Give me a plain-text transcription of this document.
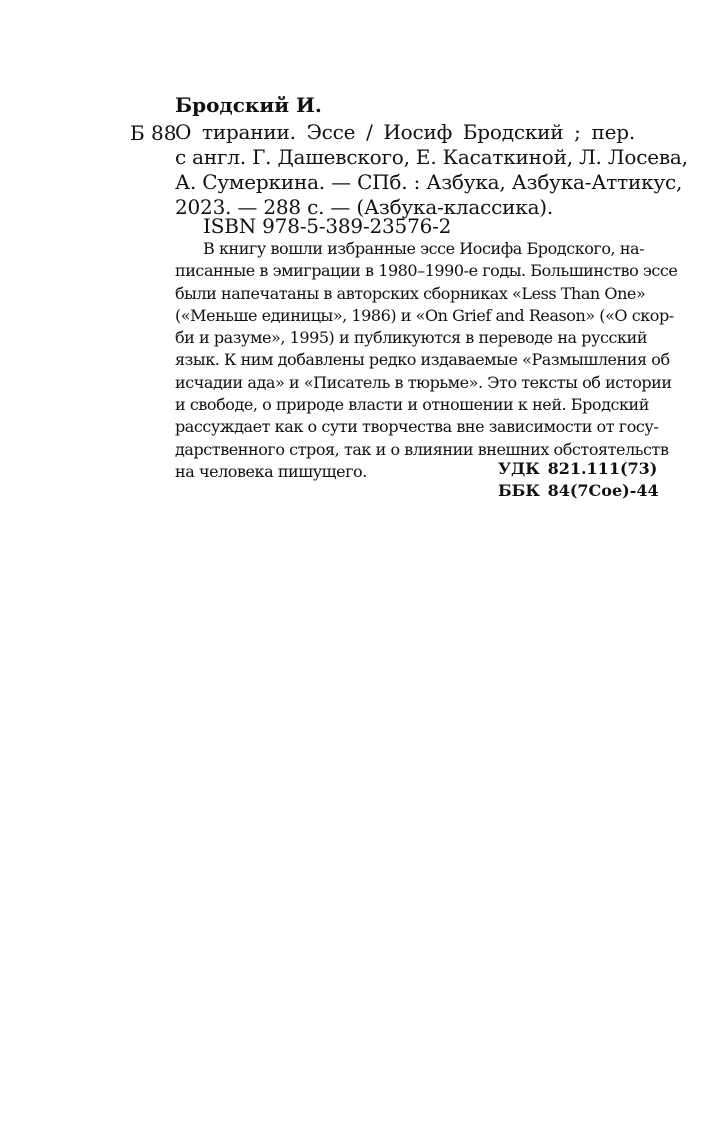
Бродский И.
Б 88
О тирании. Эссе / Иосиф Бродский ; пер.
с англ. Г. Дашевского, Е. Касаткиной, Л. Лосева,
А. Сумеркина. — СПб. : Азбука, Азбука-Аттикус,
2023. — 288 с. — (Азбука-классика).
ISBN 978-5-389-23576-2
В книгу вошли избранные эссе Иосифа Бродского, на-
писанные в эмиграции в 1980–1990-е годы. Большинство эссе
были напечатаны в авторских сборниках «Less Than One»
(«Меньше единицы», 1986) и «On Grief and Reason» («О скор-
би и разуме», 1995) и публикуются в переводе на русский
язык. К ним добавлены редко издаваемые «Размышления об
исчадии ада» и «Писатель в тюрьме». Это тексты об истории
и свободе, о природе власти и отношении к ней. Бродский
рассуждает как о сути творчества вне зависимости от госу-
дарственного строя, так и о влиянии внешних обстоятельств
на человека пишущего.	УДК 821.111(73)
ББК 84(7Сое)-44
